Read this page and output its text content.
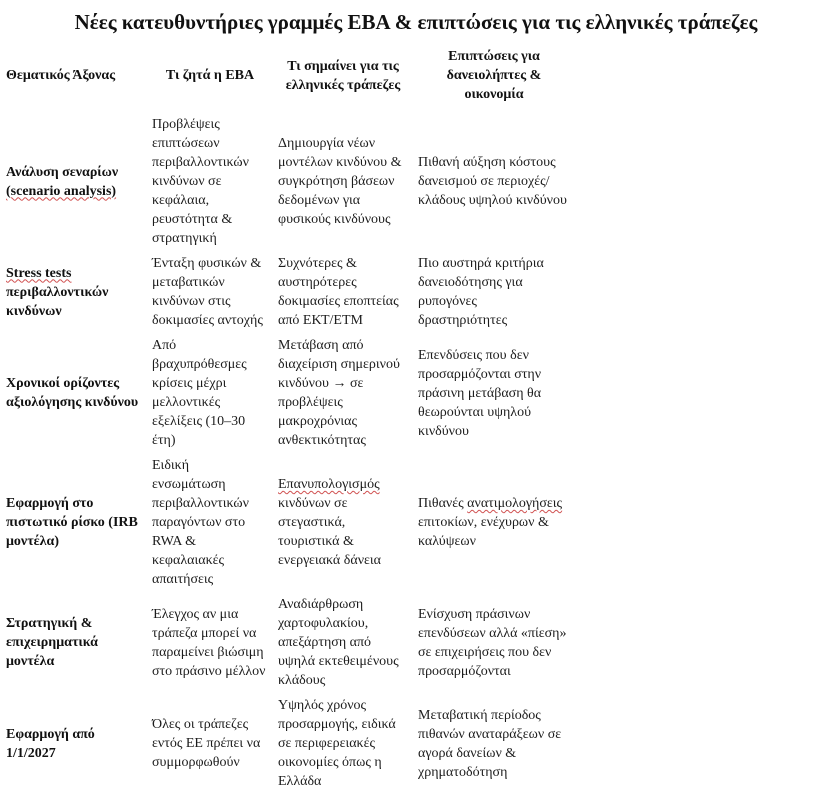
Νέες κατευθυντήριες γραμμές EBA & επιπτώσεις για τις ελληνικές τράπεζες
Θεματικός Άξονας	Τι ζητά η EBA	Τι σημαίνει για τις ελληνικές τράπεζες	Επιπτώσεις για δανειολήπτες & οικονομία
Ανάλυση σεναρίων (scenario analysis)	Προβλέψεις επιπτώσεων περιβαλλοντικών κινδύνων σε κεφάλαια, ρευστότητα & στρατηγική	Δημιουργία νέων μοντέλων κινδύνου & συγκρότηση βάσεων δεδομένων για φυσικούς κινδύνους	Πιθανή αύξηση κόστους δανεισμού σε περιοχές/κλάδους υψηλού κινδύνου
Stress tests περιβαλλοντικών κινδύνων	Ένταξη φυσικών & μεταβατικών κινδύνων στις δοκιμασίες αντοχής	Συχνότερες & αυστηρότερες δοκιμασίες εποπτείας από ΕΚΤ/ΕΤΜ	Πιο αυστηρά κριτήρια δανειοδότησης για ρυπογόνες δραστηριότητες
Χρονικοί ορίζοντες αξιολόγησης κινδύνου	Από βραχυπρόθεσμες κρίσεις μέχρι μελλοντικές εξελίξεις (10–30 έτη)	Μετάβαση από διαχείριση σημερινού κινδύνου → σε προβλέψεις μακροχρόνιας ανθεκτικότητας	Επενδύσεις που δεν προσαρμόζονται στην πράσινη μετάβαση θα θεωρούνται υψηλού κινδύνου
Εφαρμογή στο πιστωτικό ρίσκο (IRB μοντέλα)	Ειδική ενσωμάτωση περιβαλλοντικών παραγόντων στο RWA & κεφαλαιακές απαιτήσεις	Επανυπολογισμός κινδύνων σε στεγαστικά, τουριστικά & ενεργειακά δάνεια	Πιθανές ανατιμολογήσεις επιτοκίων, ενέχυρων & καλύψεων
Στρατηγική & επιχειρηματικά μοντέλα	Έλεγχος αν μια τράπεζα μπορεί να παραμείνει βιώσιμη στο πράσινο μέλλον	Αναδιάρθρωση χαρτοφυλακίου, απεξάρτηση από υψηλά εκτεθειμένους κλάδους	Ενίσχυση πράσινων επενδύσεων αλλά «πίεση» σε επιχειρήσεις που δεν προσαρμόζονται
Εφαρμογή από 1/1/2027	Όλες οι τράπεζες εντός ΕΕ πρέπει να συμμορφωθούν	Υψηλός χρόνος προσαρμογής, ειδικά σε περιφερειακές οικονομίες όπως η Ελλάδα	Μεταβατική περίοδος πιθανών αναταράξεων σε αγορά δανείων & χρηματοδότηση
